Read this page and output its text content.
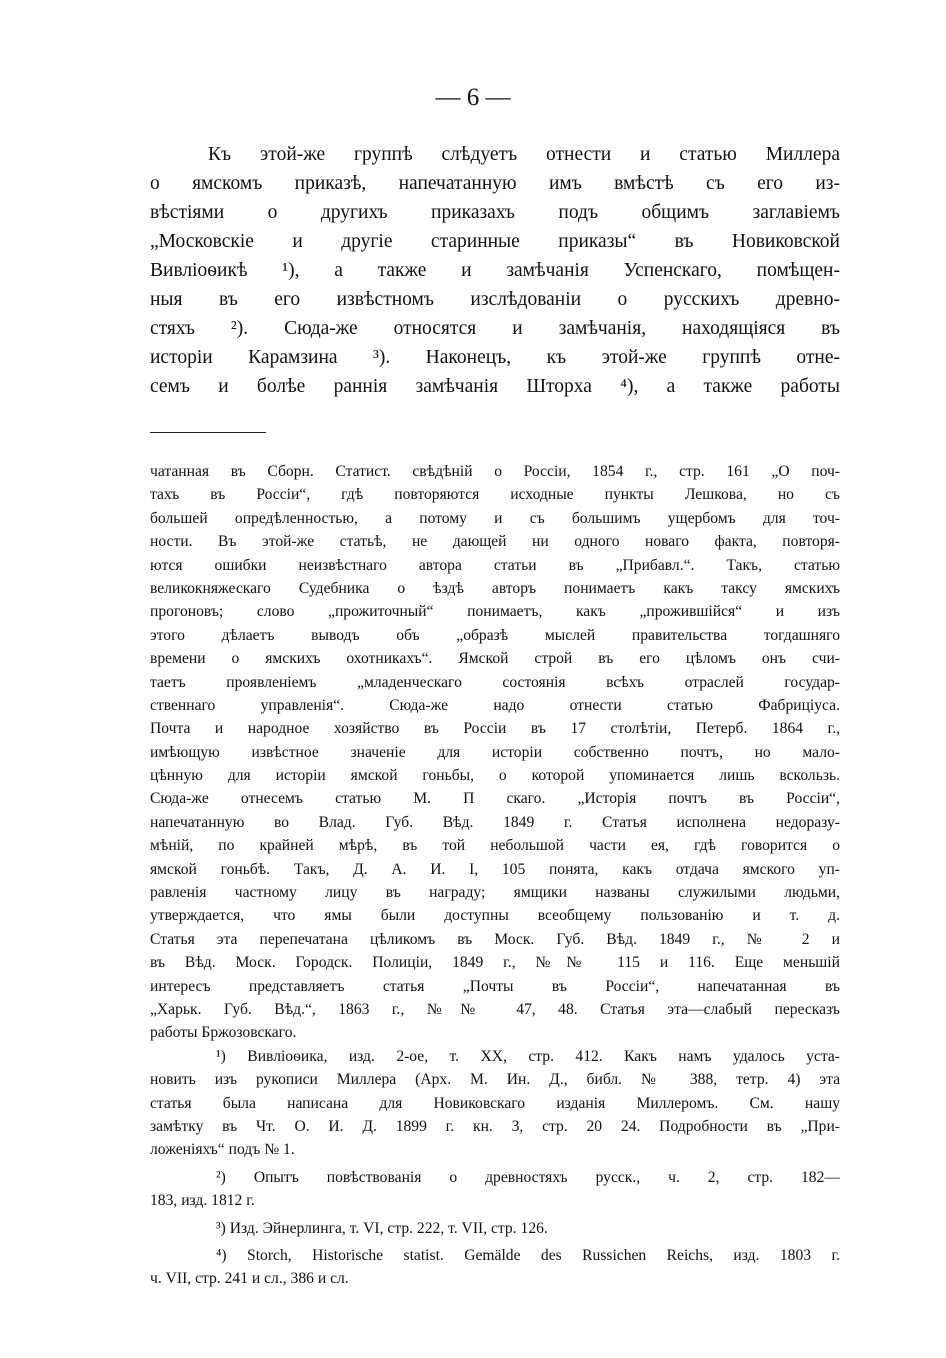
— 6 —
Къ этой-же группѣ слѣдуетъ отнести и статью Миллера
о ямскомъ приказѣ, напечатанную имъ вмѣстѣ съ его из-
вѣстіями о другихъ приказахъ подъ общимъ заглавіемъ
„Московскіе и другіе старинные приказы“ въ Новиковской
Вивліоѳикѣ ¹), а также и замѣчанія Успенскаго, помѣщен-
ныя въ его извѣстномъ изслѣдованіи о русскихъ древно-
стяхъ ²). Сюда-же относятся и замѣчанія, находящіяся въ
исторіи Карамзина ³). Наконецъ, къ этой-же группѣ отне-
семъ и болѣе раннія замѣчанія Шторха ⁴), а также работы
чатанная въ Сборн. Статист. свѣдѣній о Россіи, 1854 г., стр. 161 „О поч-
тахъ въ Россіи“, гдѣ повторяются исходные пункты Лешкова, но съ
большей опредѣленностью, а потому и съ большимъ ущербомъ для точ-
ности. Въ этой-же статьѣ, не дающей ни одного новаго факта, повторя-
ются ошибки неизвѣстнаго автора статьи въ „Прибавл.“. Такъ, статью
великокняжескаго Судебника о ѣздѣ авторъ понимаетъ какъ таксу ямскихъ
прогоновъ; слово „прожиточный“ понимаетъ, какъ „прожившійся“ и изъ
этого дѣлаетъ выводъ объ „образѣ мыслей правительства тогдашняго
времени о ямскихъ охотникахъ“. Ямской строй въ его цѣломъ онъ счи-
таетъ проявленіемъ „младенческаго состоянія всѣхъ отраслей государ-
ственнаго управленія“. Сюда-же надо отнести статью Фабриціуса.
Почта и народное хозяйство въ Россіи въ 17 столѣтіи, Петерб. 1864 г.,
имѣющую извѣстное значеніе для исторіи собственно почтъ, но мало-
цѣнную для исторіи ямской гоньбы, о которой упоминается лишь вскользь.
Сюда-же отнесемъ статью М. П скаго. „Исторія почтъ въ Россіи“,
напечатанную во Влад. Губ. Вѣд. 1849 г. Статья исполнена недоразу-
мѣній, по крайней мѣрѣ, въ той небольшой части ея, гдѣ говорится о
ямской гоньбѣ. Такъ, Д. А. И. I, 105 понята, какъ отдача ямского уп-
равленія частному лицу въ награду; ямщики названы служилыми людьми,
утверждается, что ямы были доступны всеобщему пользованію и т. д.
Статья эта перепечатана цѣликомъ въ Моск. Губ. Вѣд. 1849 г., № 2 и
въ Вѣд. Моск. Городск. Полиціи, 1849 г., №№ 115 и 116. Еще меньшій
интересъ представляетъ статья „Почты въ Россіи“, напечатанная въ
„Харьк. Губ. Вѣд.“, 1863 г., №№ 47, 48. Статья эта—слабый пересказъ
работы Бржозовскаго.
¹) Вивліоѳика, изд. 2-ое, т. XX, стр. 412. Какъ намъ удалось уста-
новить изъ рукописи Миллера (Арх. М. Ин. Д., библ. № 388, тетр. 4) эта
статья была написана для Новиковскаго изданія Миллеромъ. См. нашу
замѣтку въ Чт. О. И. Д. 1899 г. кн. 3, стр. 20 24. Подробности въ „При-
ложеніяхъ“ подъ № 1.
²) Опытъ повѣствованія о древностяхъ русск., ч. 2, стр. 182—
183, изд. 1812 г.
³) Изд. Эйнерлинга, т. VI, стр. 222, т. VII, стр. 126.
⁴) Storch, Historische statist. Gemälde des Russichen Reichs, изд. 1803 г.
ч. VII, стр. 241 и сл., 386 и сл.
